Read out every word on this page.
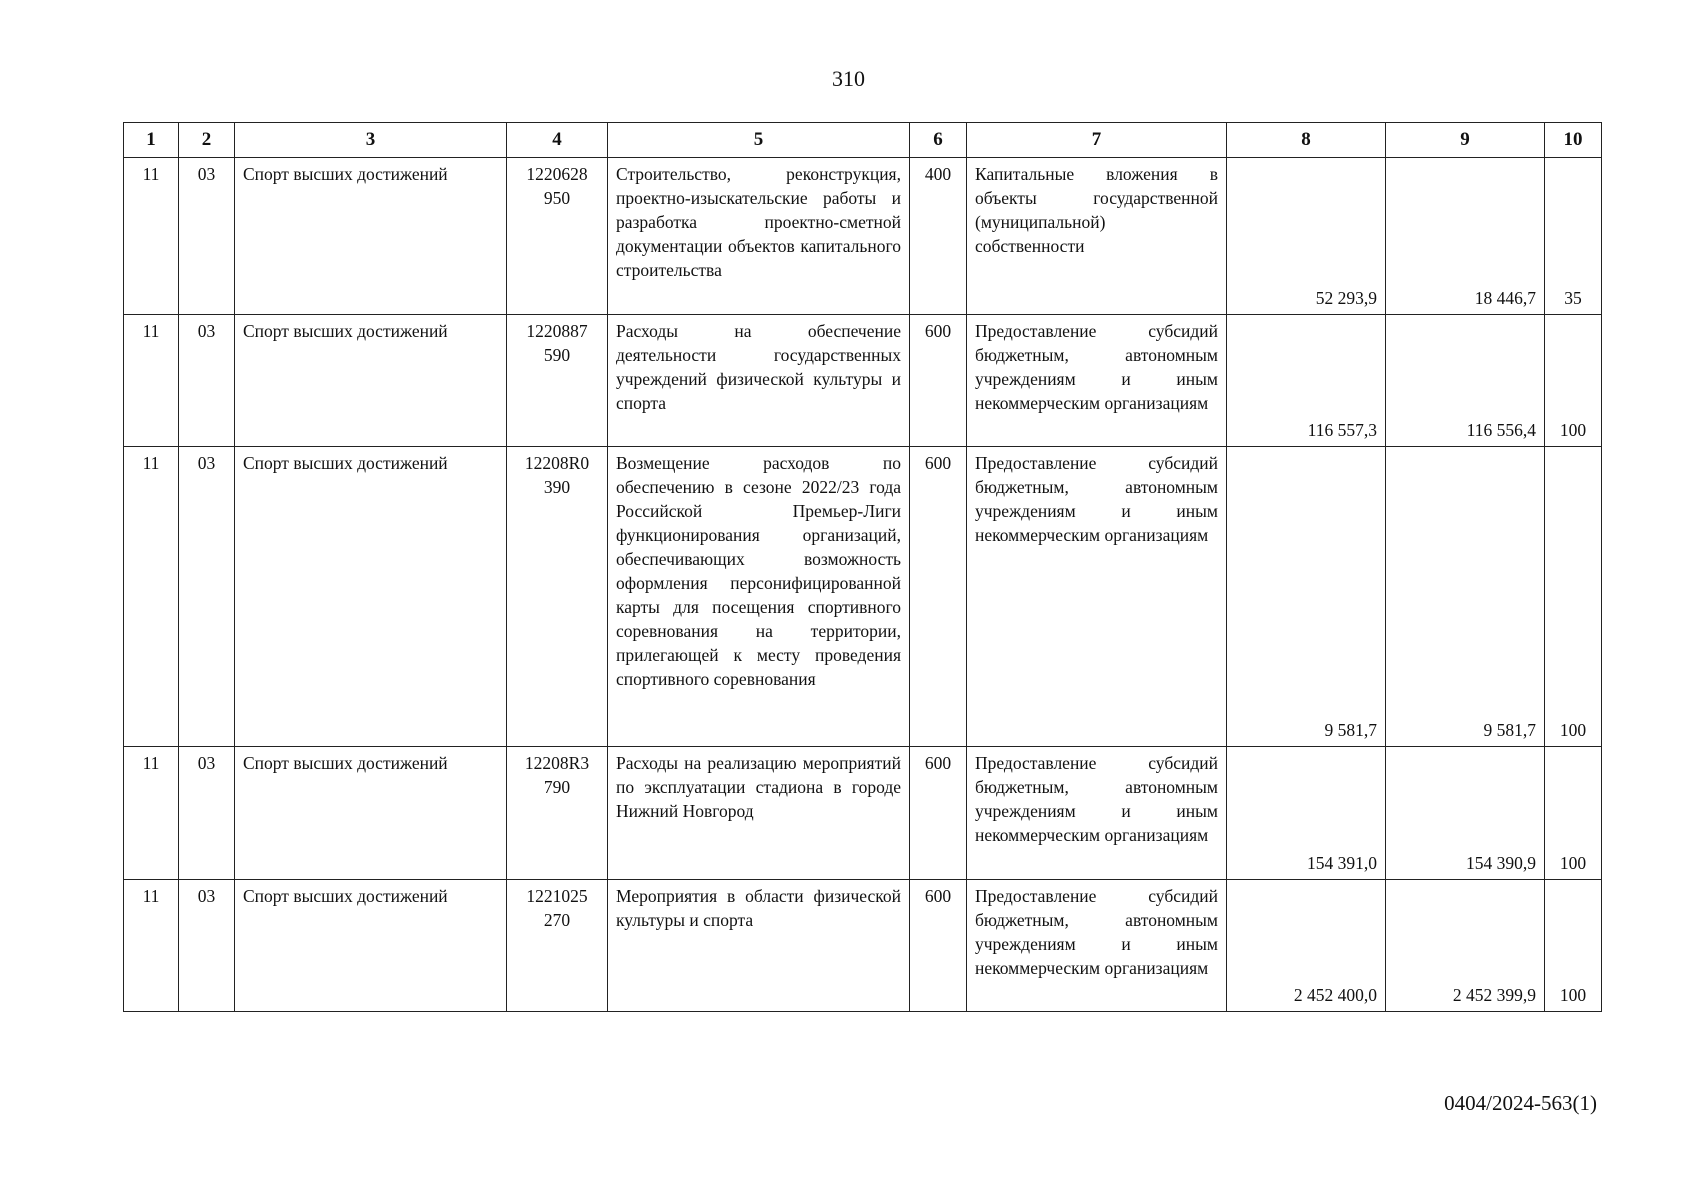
310
1	2	3	4	5	6	7	8	9	10
11	03	Спорт высших достижений	1220628 950	Строительство, реконструкция, проектно-изыскательские работы и разработка проектно-сметной документации объектов капитального строительства	400	Капитальные вложения в объекты государственной (муниципальной) собственности	52 293,9	18 446,7	35
11	03	Спорт высших достижений	1220887 590	Расходы на обеспечение деятельности государственных учреждений физической культуры и спорта	600	Предоставление субсидий бюджетным, автономным учреждениям и иным некоммерческим организациям	116 557,3	116 556,4	100
11	03	Спорт высших достижений	12208R0 390	Возмещение расходов по обеспечению в сезоне 2022/23 года Российской Премьер-Лиги функционирования организаций, обеспечивающих возможность оформления персонифицированной карты для посещения спортивного соревнования на территории, прилегающей к месту проведения спортивного соревнования	600	Предоставление субсидий бюджетным, автономным учреждениям и иным некоммерческим организациям	9 581,7	9 581,7	100
11	03	Спорт высших достижений	12208R3 790	Расходы на реализацию мероприятий по эксплуатации стадиона в городе Нижний Новгород	600	Предоставление субсидий бюджетным, автономным учреждениям и иным некоммерческим организациям	154 391,0	154 390,9	100
11	03	Спорт высших достижений	1221025 270	Мероприятия в области физической культуры и спорта	600	Предоставление субсидий бюджетным, автономным учреждениям и иным некоммерческим организациям	2 452 400,0	2 452 399,9	100
0404/2024-563(1)
